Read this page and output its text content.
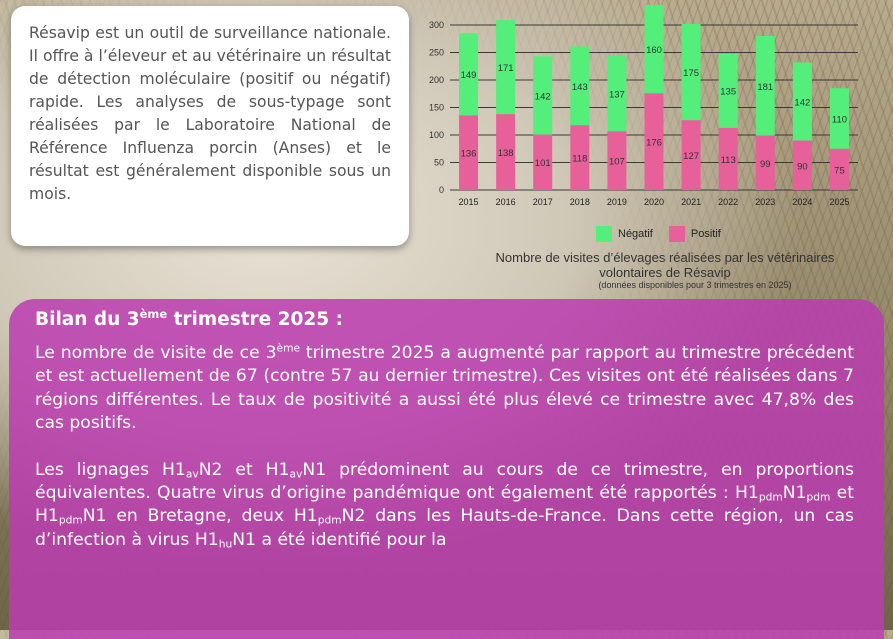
Résavip est un outil de surveillance nationale. Il offre à l’éleveur et au vétérinaire un résultat de détection moléculaire (positif ou négatif) rapide. Les analyses de sous-typage sont réalisées par le Laboratoire National de Référence Influenza porcin (Anses) et le résultat est généralement disponible sous un mois.	0
50
100
150
200
250
300
136
149
2015
138
171
2016
101
142
2017
118
143
2018
107
137
2019
176
160
2020
127
175
2021
113
135
2022
99
181
2023
90
142
2024
75
110
2025
Négatif	Positif
Nombre de visites d’élevages réalisées par les vétérinaires volontaires de Résavip
(données disponibles pour 3 trimestres en 2025)
Bilan du 3ème trimestre 2025 :

Le nombre de visite de ce 3ème trimestre 2025 a augmenté par rapport au trimestre précédent et est actuellement de 67 (contre 57 au dernier trimestre). Ces visites ont été réalisées dans 7 régions différentes. Le taux de positivité a aussi été plus élevé ce trimestre avec 47,8% des cas positifs.

Les lignages $H1_{av}N2$ et $H1_{av}N1$ prédominent au cours de ce trimestre, en proportions équivalentes. Quatre virus d’origine pandémique ont également été rapportés : $H1_{pdm}N1_{pdm}$ et $H1_{pdm}N1$ en Bretagne, deux $H1_{pdm}N2$ dans les Hauts-de-France. Dans cette région, un cas d’infection à virus $H1_{hu}N1$ a été identifié pour la
